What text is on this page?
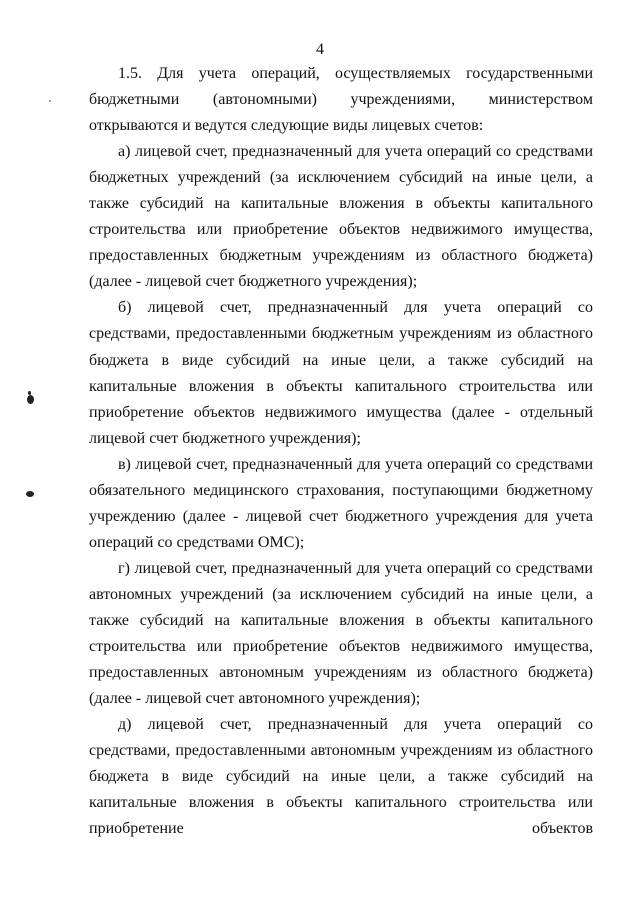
4

1.5. Для учета операций, осуществляемых государственными бюджетными (автономными) учреждениями, министерством открываются и ведутся следующие виды лицевых счетов:

а) лицевой счет, предназначенный для учета операций со средствами бюджетных учреждений (за исключением субсидий на иные цели, а также субсидий на капитальные вложения в объекты капитального строительства или приобретение объектов недвижимого имущества, предоставленных бюджетным учреждениям из областного бюджета) (далее - лицевой счет бюджетного учреждения);

б) лицевой счет, предназначенный для учета операций со средствами, предоставленными бюджетным учреждениям из областного бюджета в виде субсидий на иные цели, а также субсидий на капитальные вложения в объекты капитального строительства или приобретение объектов недвижимого имущества (далее - отдельный лицевой счет бюджетного учреждения);

в) лицевой счет, предназначенный для учета операций со средствами обязательного медицинского страхования, поступающими бюджетному учреждению (далее - лицевой счет бюджетного учреждения для учета операций со средствами ОМС);

г) лицевой счет, предназначенный для учета операций со средствами автономных учреждений (за исключением субсидий на иные цели, а также субсидий на капитальные вложения в объекты капитального строительства или приобретение объектов недвижимого имущества, предоставленных автономным учреждениям из областного бюджета) (далее - лицевой счет автономного учреждения);

д) лицевой счет, предназначенный для учета операций со средствами, предоставленными автономным учреждениям из областного бюджета в виде субсидий на иные цели, а также субсидий на капитальные вложения в объекты капитального строительства или приобретение объектов
